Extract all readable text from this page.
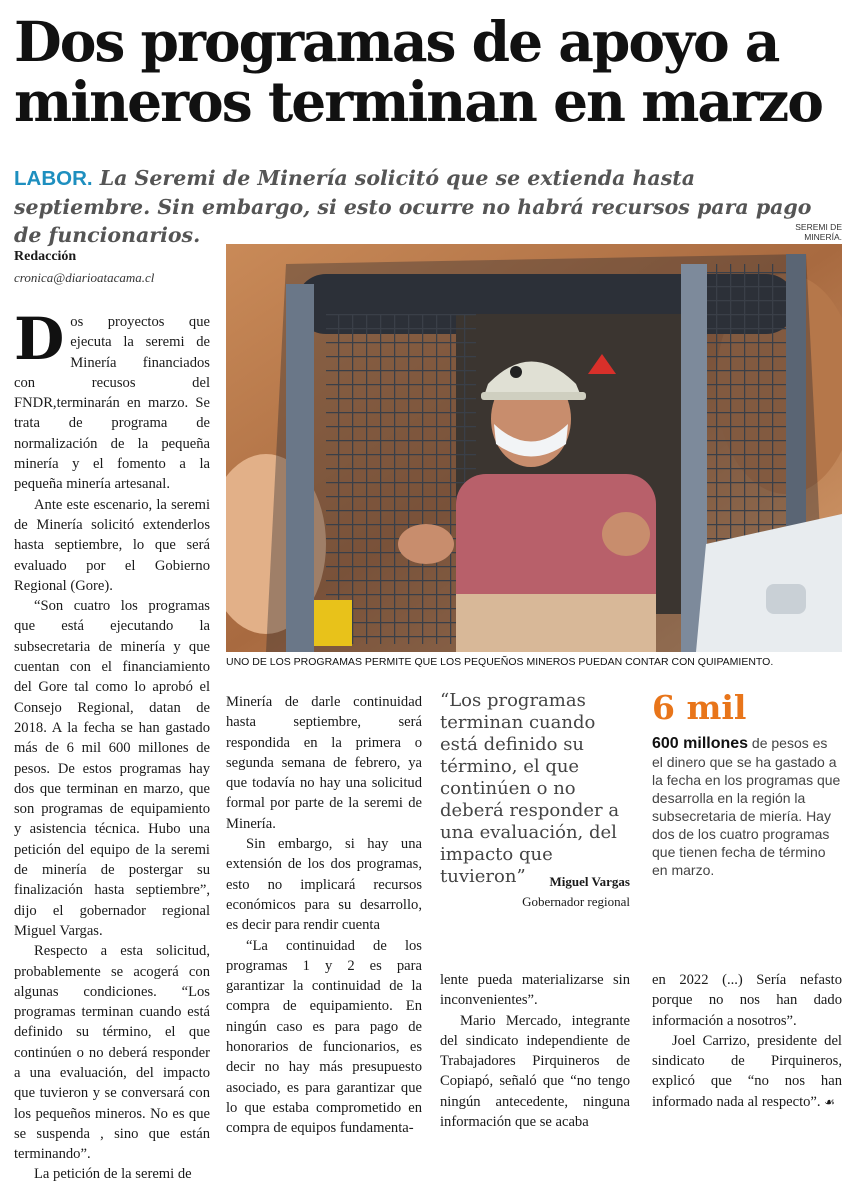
Dos programas de apoyo a mineros terminan en marzo

LABOR. La Seremi de Minería solicitó que se extienda hasta septiembre. Sin embargo, si esto ocurre no habrá recursos para pago de funcionarios.	SEREMI DE MINERÍA.
Redacción
cronica@diarioatacama.cl

Dos proyectos que ejecuta la seremi de Minería financiados con recusos del FNDR,terminarán en marzo. Se trata de programa de normalización de la pequeña minería y el fomento a la pequeña minería artesanal.

Ante este escenario, la seremi de Minería solicitó extenderlos hasta septiembre, lo que será evaluado por el Gobierno Regional (Gore).

“Son cuatro los programas que está ejecutando la subsecretaria de minería y que cuentan con el financiamiento del Gore tal como lo aprobó el Consejo Regional, datan de 2018. A la fecha se han gastado más de 6 mil 600 millones de pesos. De estos programas hay dos que terminan en marzo, que son programas de equipamiento y asistencia técnica. Hubo una petición del equipo de la seremi de minería de postergar su finalización hasta septiembre”, dijo el gobernador regional Miguel Vargas.

Respecto a esta solicitud, probablemente se acogerá con algunas condiciones. “Los programas terminan cuando está definido su término, el que continúen o no deberá responder a una evaluación, del impacto que tuvieron y se conversará con los pequeños mineros. No es que se suspenda , sino que están terminando”.

La petición de la seremi de

UNO DE LOS PROGRAMAS PERMITE QUE LOS PEQUEÑOS MINEROS PUEDAN CONTAR CON QUIPAMIENTO.

Minería de darle continuidad hasta septiembre, será respondida en la primera o segunda semana de febrero, ya que todavía no hay una solicitud formal por parte de la seremi de Minería.

Sin embargo, si hay una extensión de los dos programas, esto no implicará recursos económicos para su desarrollo, es decir para rendir cuenta

“La continuidad de los programas 1 y 2 es para garantizar la continuidad de la compra de equipamiento. En ningún caso es para pago de honorarios de funcionarios, es decir no hay más presupuesto asociado, es para garantizar que lo que estaba comprometido en compra de equipos fundamenta-

“Los programas terminan cuando está definido su término, el que continúen o no deberá responder a una evaluación, del impacto que tuvieron”	Miguel Vargas
Gobernador regional
6 mil
600 millones de pesos es el dinero que se ha gastado a la fecha en los programas que desarrolla en la región la subsecretaria de miería. Hay dos de los cuatro programas que tienen fecha de término en marzo.

lente pueda materializarse sin inconvenientes”.

Mario Mercado, integrante del sindicato independiente de Trabajadores Pirquineros de Copiapó, señaló que “no tengo ningún antecedente, ninguna información que se acaba

en 2022 (...) Sería nefasto porque no nos han dado información a nosotros”.

Joel Carrizo, presidente del sindicato de Pirquineros, explicó que “no nos han informado nada al respecto”. ☙
